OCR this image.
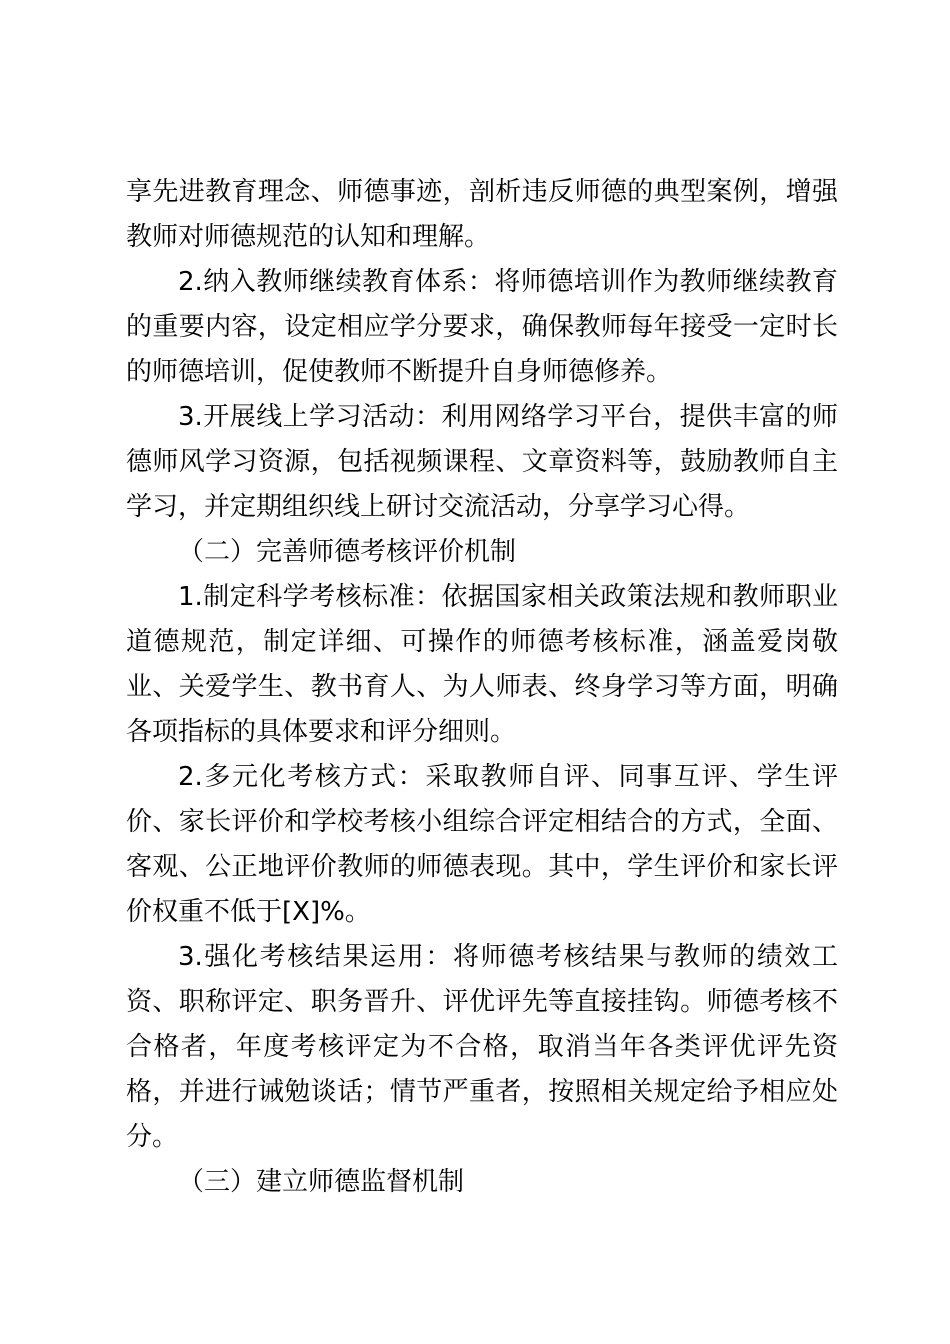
享先进教育理念、师德事迹，剖析违反师德的典型案例，增强教师对师德规范的认知和理解。

2.纳入教师继续教育体系：将师德培训作为教师继续教育的重要内容，设定相应学分要求，确保教师每年接受一定时长的师德培训，促使教师不断提升自身师德修养。

3.开展线上学习活动：利用网络学习平台，提供丰富的师德师风学习资源，包括视频课程、文章资料等，鼓励教师自主学习，并定期组织线上研讨交流活动，分享学习心得。

（二）完善师德考核评价机制

1.制定科学考核标准：依据国家相关政策法规和教师职业道德规范，制定详细、可操作的师德考核标准，涵盖爱岗敬业、关爱学生、教书育人、为人师表、终身学习等方面，明确各项指标的具体要求和评分细则。

2.多元化考核方式：采取教师自评、同事互评、学生评价、家长评价和学校考核小组综合评定相结合的方式，全面、客观、公正地评价教师的师德表现。其中，学生评价和家长评价权重不低于[X]%。

3.强化考核结果运用：将师德考核结果与教师的绩效工资、职称评定、职务晋升、评优评先等直接挂钩。师德考核不合格者，年度考核评定为不合格，取消当年各类评优评先资格，并进行诫勉谈话；情节严重者，按照相关规定给予相应处分。

（三）建立师德监督机制
